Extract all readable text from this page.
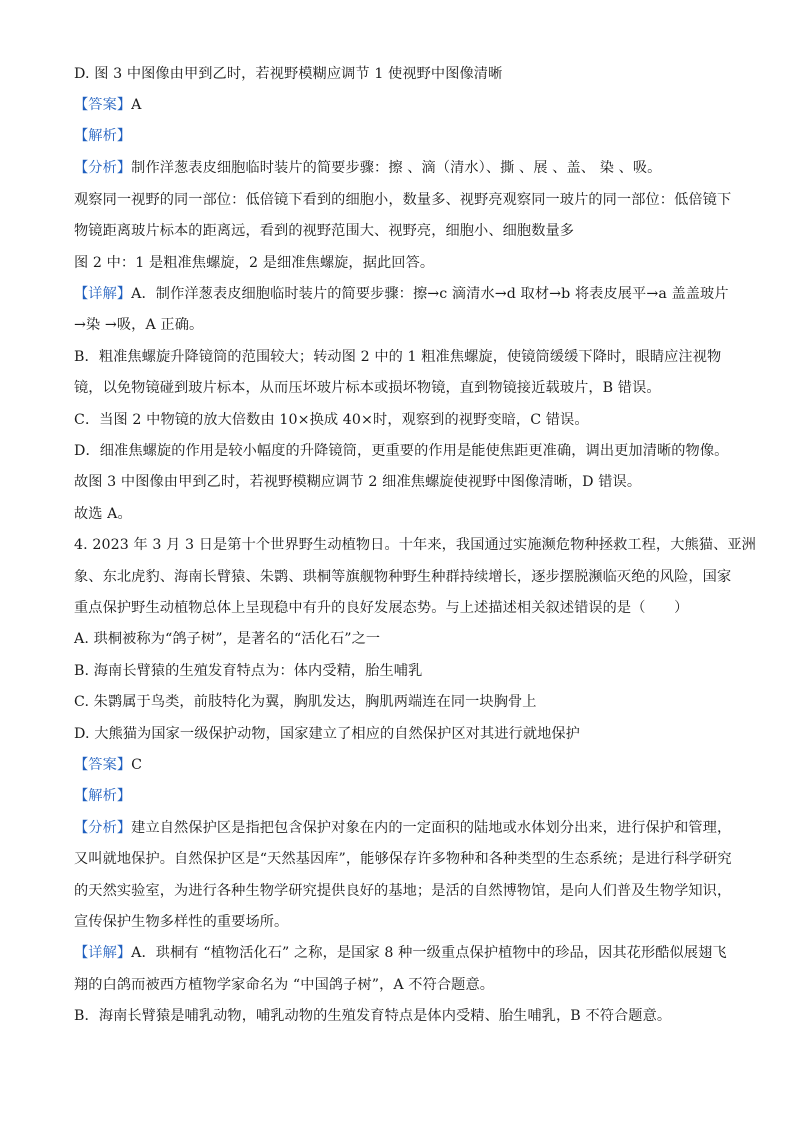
D. 图 3 中图像由甲到乙时，若视野模糊应调节 1 使视野中图像清晰
【答案】A
【解析】
【分析】制作洋葱表皮细胞临时装片的简要步骤：擦 、滴（清水）、撕 、展 、盖、 染 、吸。
观察同一视野的同一部位：低倍镜下看到的细胞小，数量多、视野亮观察同一玻片的同一部位：低倍镜下
物镜距离玻片标本的距离远，看到的视野范围大、视野亮，细胞小、细胞数量多
图 2 中：1 是粗准焦螺旋，2 是细准焦螺旋，据此回答。
【详解】A．制作洋葱表皮细胞临时装片的简要步骤：擦→c 滴清水→d 取材→b 将表皮展平→a 盖盖玻片
→染 →吸，A 正确。
B．粗准焦螺旋升降镜筒的范围较大；转动图 2 中的 1 粗准焦螺旋，使镜筒缓缓下降时，眼睛应注视物
镜，以免物镜碰到玻片标本，从而压坏玻片标本或损坏物镜，直到物镜接近载玻片，B 错误。
C．当图 2 中物镜的放大倍数由 10×换成 40×时，观察到的视野变暗，C 错误。
D．细准焦螺旋的作用是较小幅度的升降镜筒，更重要的作用是能使焦距更准确，调出更加清晰的物像。
故图 3 中图像由甲到乙时，若视野模糊应调节 2 细准焦螺旋使视野中图像清晰，D 错误。
故选 A。
4. 2023 年 3 月 3 日是第十个世界野生动植物日。十年来，我国通过实施濒危物种拯救工程，大熊猫、亚洲
象、东北虎豹、海南长臂猿、朱鹮、珙桐等旗舰物种野生种群持续增长，逐步摆脱濒临灭绝的风险，国家
重点保护野生动植物总体上呈现稳中有升的良好发展态势。与上述描述相关叙述错误的是（　　）
A. 珙桐被称为“鸽子树”，是著名的“活化石”之一
B. 海南长臂猿的生殖发育特点为：体内受精，胎生哺乳
C. 朱鹮属于鸟类，前肢特化为翼，胸肌发达，胸肌两端连在同一块胸骨上
D. 大熊猫为国家一级保护动物，国家建立了相应的自然保护区对其进行就地保护
【答案】C
【解析】
【分析】建立自然保护区是指把包含保护对象在内的一定面积的陆地或水体划分出来，进行保护和管理，
又叫就地保护。自然保护区是“天然基因库”，能够保存许多物种和各种类型的生态系统；是进行科学研究
的天然实验室，为进行各种生物学研究提供良好的基地；是活的自然博物馆，是向人们普及生物学知识，
宣传保护生物多样性的重要场所。
【详解】A．珙桐有 “植物活化石” 之称，是国家 8 种一级重点保护植物中的珍品，因其花形酷似展翅飞
翔的白鸽而被西方植物学家命名为 “中国鸽子树”，A 不符合题意。
B．海南长臂猿是哺乳动物，哺乳动物的生殖发育特点是体内受精、胎生哺乳，B 不符合题意。
